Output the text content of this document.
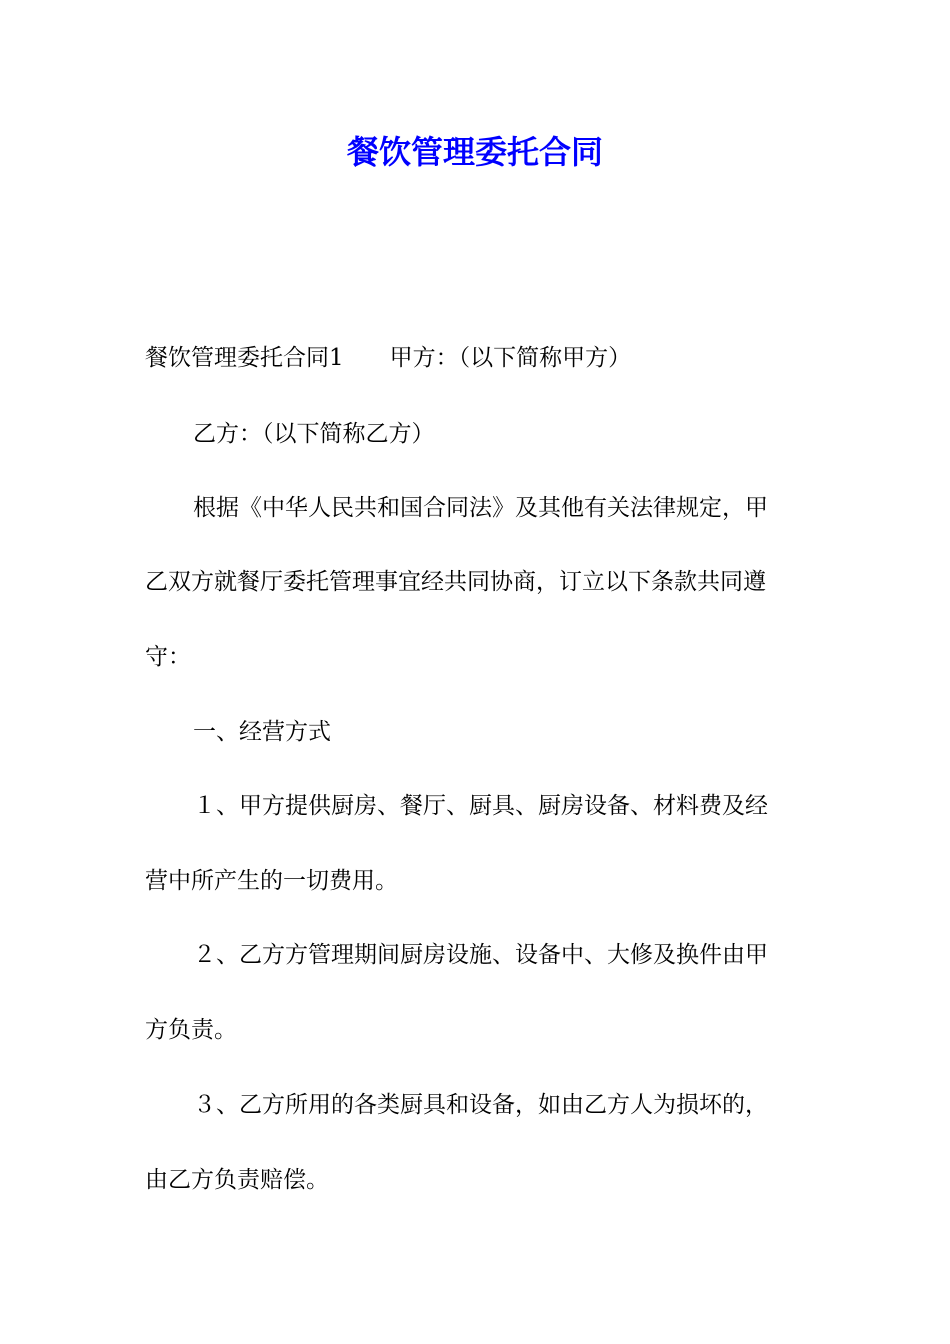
餐饮管理委托合同

餐饮管理委托合同1 甲方：（以下简称甲方）

乙方：（以下简称乙方）

根据《中华人民共和国合同法》及其他有关法律规定，甲

乙双方就餐厅委托管理事宜经共同协商，订立以下条款共同遵

守：

一、经营方式

１、甲方提供厨房、餐厅、厨具、厨房设备、材料费及经

营中所产生的一切费用。

２、乙方方管理期间厨房设施、设备中、大修及换件由甲

方负责。

３、乙方所用的各类厨具和设备，如由乙方人为损坏的，

由乙方负责赔偿。
